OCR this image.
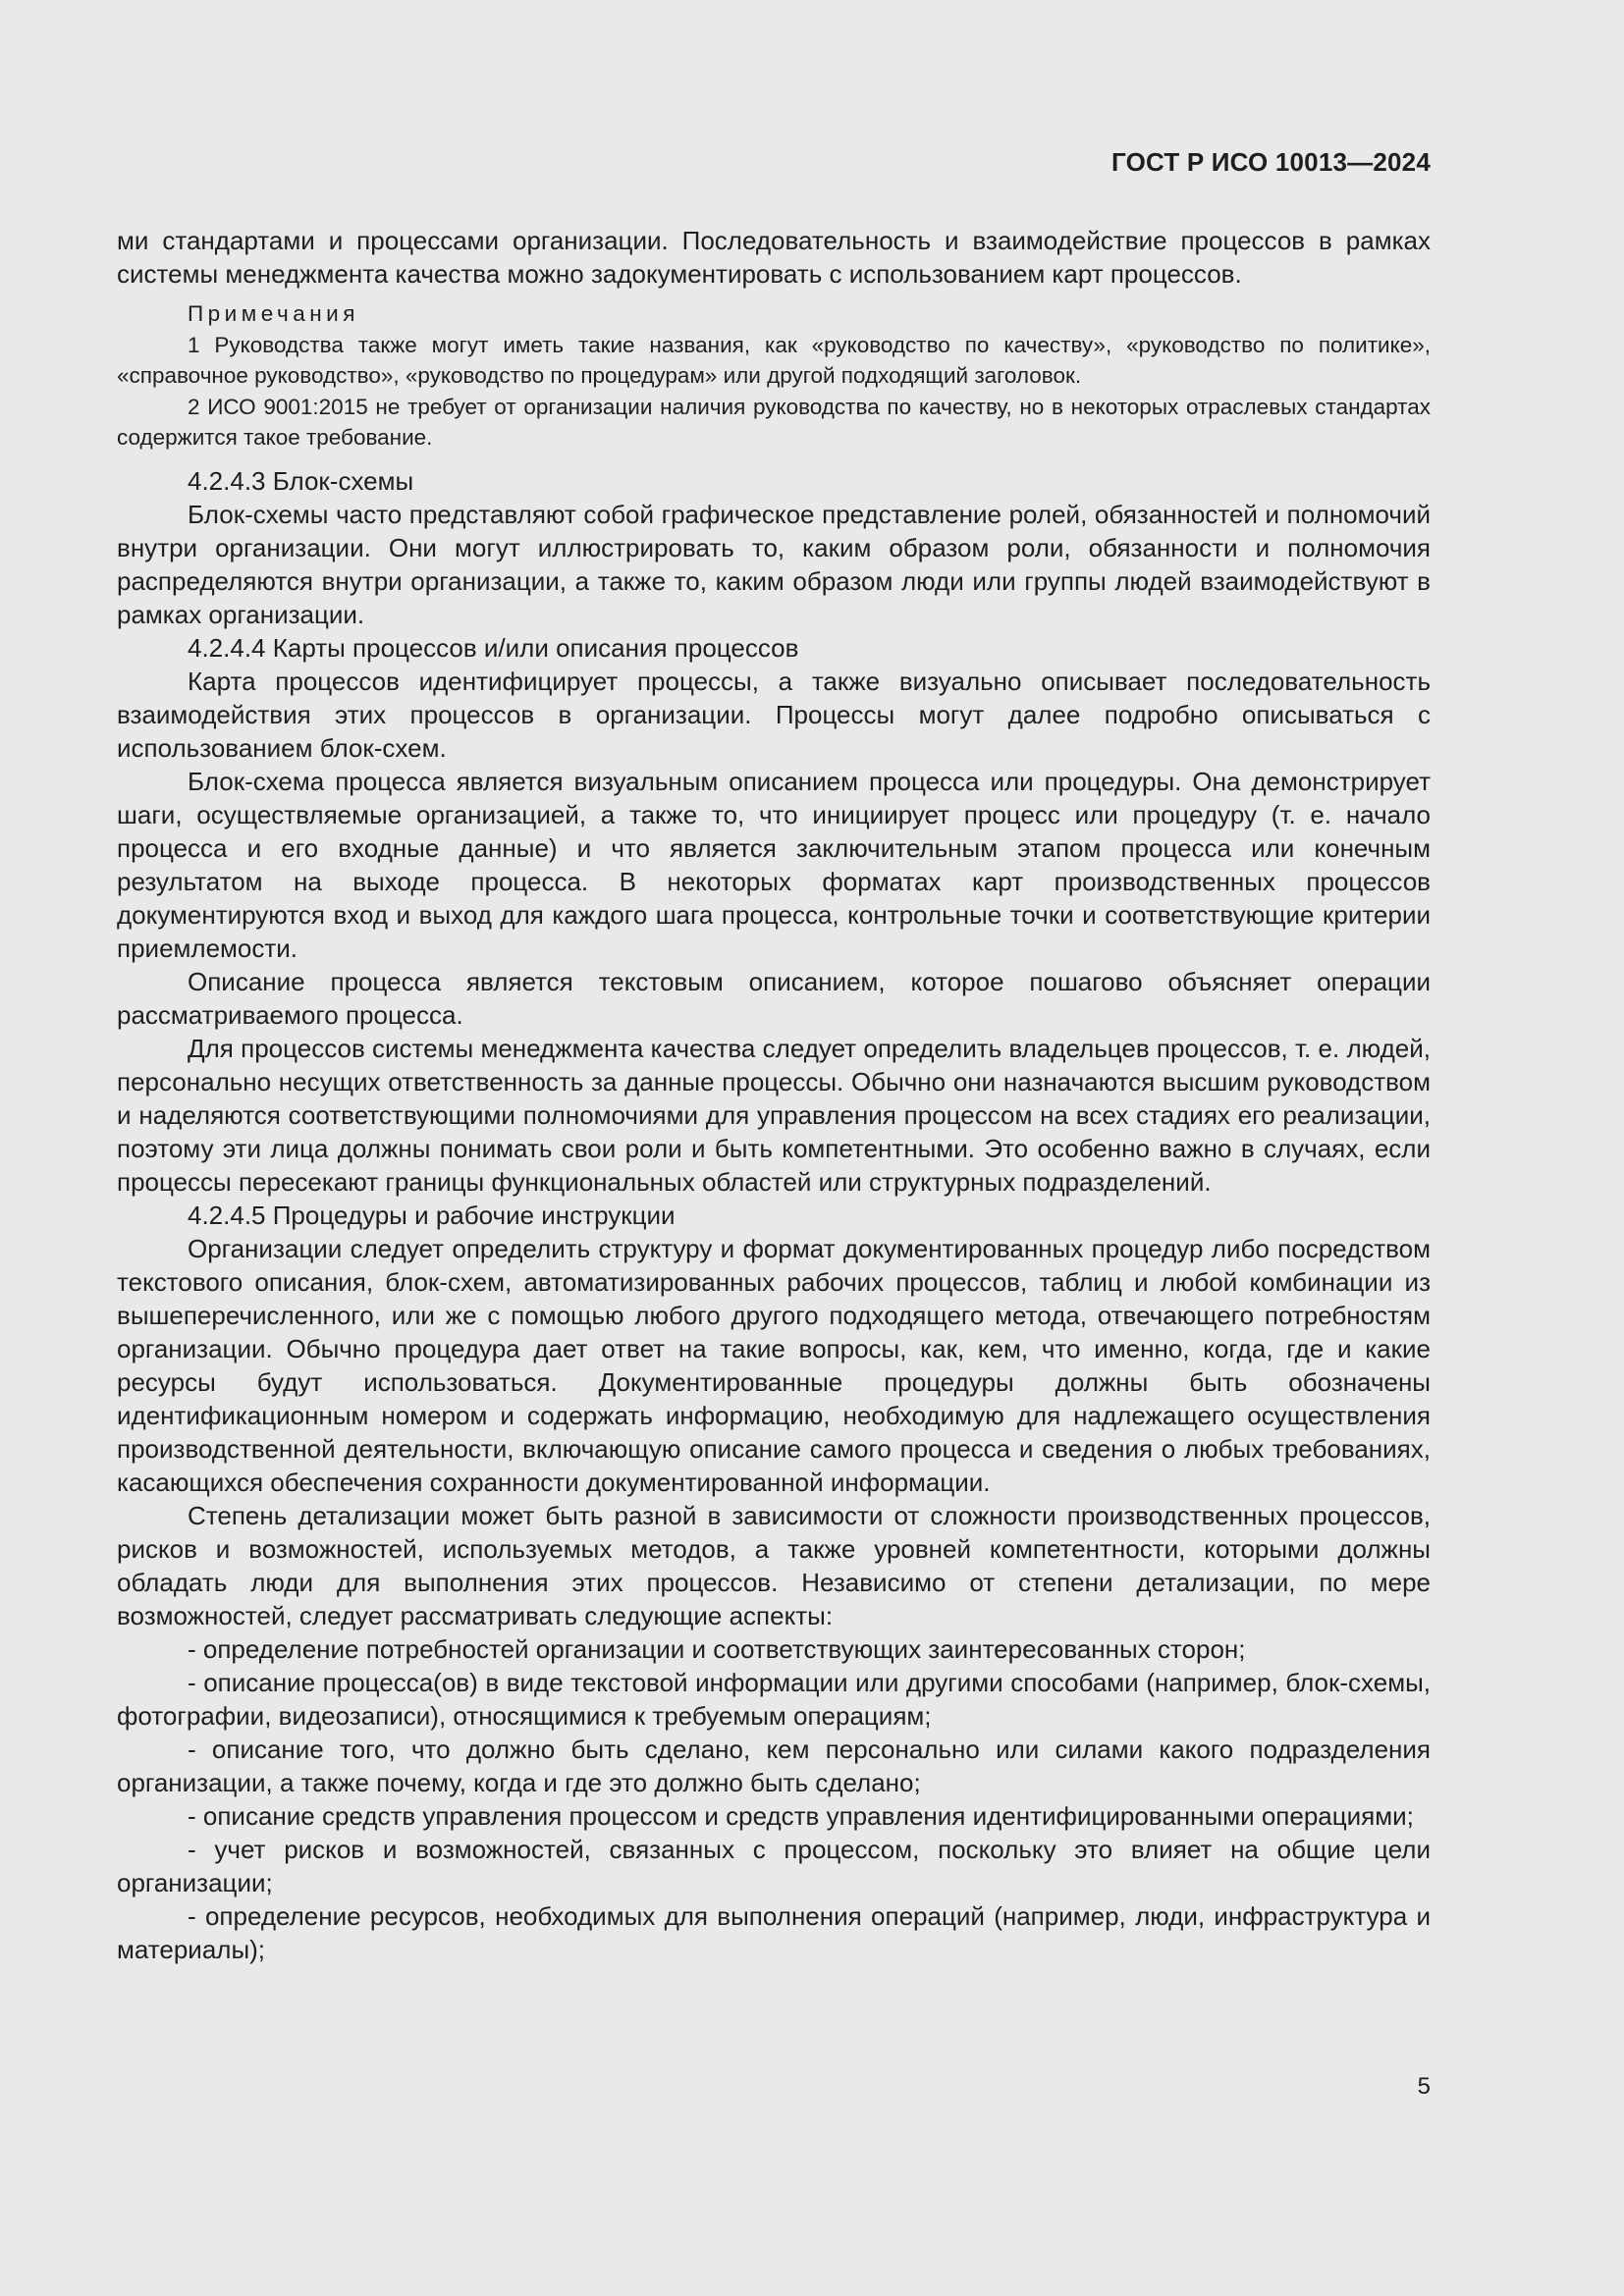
ГОСТ Р ИСО 10013—2024

ми стандартами и процессами организации. Последовательность и взаимодействие процессов в рамках системы менеджмента качества можно задокументировать с использованием карт процессов.

Примечания

1 Руководства также могут иметь такие названия, как «руководство по качеству», «руководство по политике», «справочное руководство», «руководство по процедурам» или другой подходящий заголовок.

2 ИСО 9001:2015 не требует от организации наличия руководства по качеству, но в некоторых отраслевых стандартах содержится такое требование.

4.2.4.3 Блок-схемы

Блок-схемы часто представляют собой графическое представление ролей, обязанностей и полномочий внутри организации. Они могут иллюстрировать то, каким образом роли, обязанности и полномочия распределяются внутри организации, а также то, каким образом люди или группы людей взаимодействуют в рамках организации.

4.2.4.4 Карты процессов и/или описания процессов

Карта процессов идентифицирует процессы, а также визуально описывает последовательность взаимодействия этих процессов в организации. Процессы могут далее подробно описываться с использованием блок-схем.

Блок-схема процесса является визуальным описанием процесса или процедуры. Она демонстрирует шаги, осуществляемые организацией, а также то, что инициирует процесс или процедуру (т. е. начало процесса и его входные данные) и что является заключительным этапом процесса или конечным результатом на выходе процесса. В некоторых форматах карт производственных процессов документируются вход и выход для каждого шага процесса, контрольные точки и соответствующие критерии приемлемости.

Описание процесса является текстовым описанием, которое пошагово объясняет операции рассматриваемого процесса.

Для процессов системы менеджмента качества следует определить владельцев процессов, т. е. людей, персонально несущих ответственность за данные процессы. Обычно они назначаются высшим руководством и наделяются соответствующими полномочиями для управления процессом на всех стадиях его реализации, поэтому эти лица должны понимать свои роли и быть компетентными. Это особенно важно в случаях, если процессы пересекают границы функциональных областей или структурных подразделений.

4.2.4.5 Процедуры и рабочие инструкции

Организации следует определить структуру и формат документированных процедур либо посредством текстового описания, блок-схем, автоматизированных рабочих процессов, таблиц и любой комбинации из вышеперечисленного, или же с помощью любого другого подходящего метода, отвечающего потребностям организации. Обычно процедура дает ответ на такие вопросы, как, кем, что именно, когда, где и какие ресурсы будут использоваться. Документированные процедуры должны быть обозначены идентификационным номером и содержать информацию, необходимую для надлежащего осуществления производственной деятельности, включающую описание самого процесса и сведения о любых требованиях, касающихся обеспечения сохранности документированной информации.

Степень детализации может быть разной в зависимости от сложности производственных процессов, рисков и возможностей, используемых методов, а также уровней компетентности, которыми должны обладать люди для выполнения этих процессов. Независимо от степени детализации, по мере возможностей, следует рассматривать следующие аспекты:

- определение потребностей организации и соответствующих заинтересованных сторон;

- описание процесса(ов) в виде текстовой информации или другими способами (например, блок-схемы, фотографии, видеозаписи), относящимися к требуемым операциям;

- описание того, что должно быть сделано, кем персонально или силами какого подразделения организации, а также почему, когда и где это должно быть сделано;

- описание средств управления процессом и средств управления идентифицированными операциями;

- учет рисков и возможностей, связанных с процессом, поскольку это влияет на общие цели организации;

- определение ресурсов, необходимых для выполнения операций (например, люди, инфраструктура и материалы);

5
